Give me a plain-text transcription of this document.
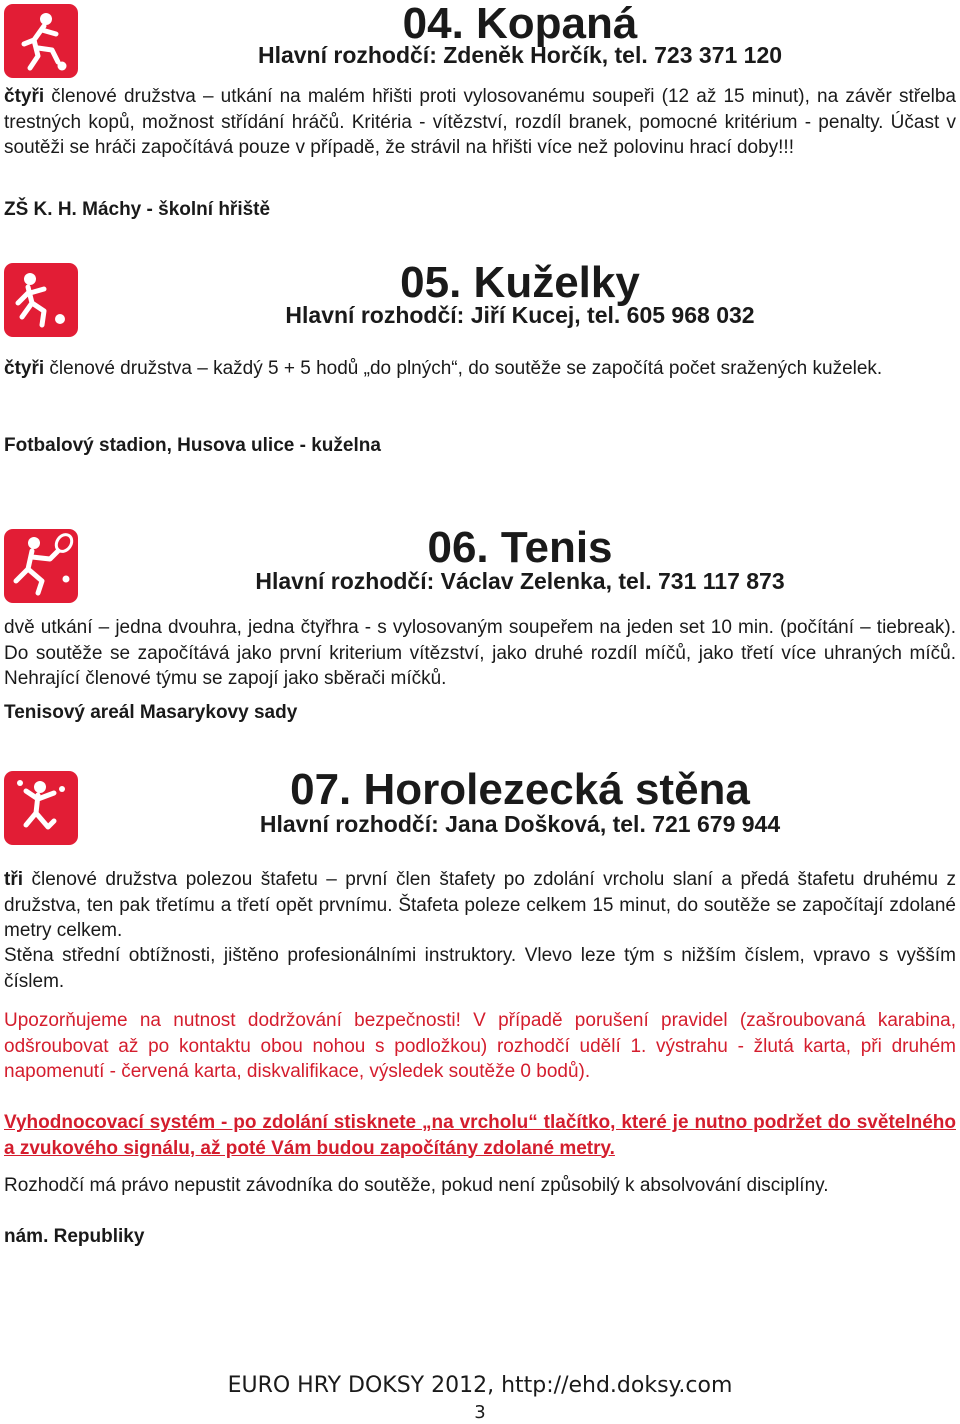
04. Kopaná
Hlavní rozhodčí: Zdeněk Horčík, tel. 723 371 120

čtyři členové družstva – utkání na malém hřišti proti vylosovanému soupeři (12 až 15 minut), na závěr střelba trestných kopů, možnost střídání hráčů. Kritéria - vítězství, rozdíl branek, pomocné kritérium - penalty. Účast v soutěži se hráči započítává pouze v případě, že strávil na hřišti více než polovinu hrací doby!!!

ZŠ K. H. Máchy - školní hřiště

05. Kuželky
Hlavní rozhodčí: Jiří Kucej, tel. 605 968 032

čtyři členové družstva – každý 5 + 5 hodů „do plných“, do soutěže se započítá počet sražených kuželek.

Fotbalový stadion, Husova ulice - kuželna

06. Tenis
Hlavní rozhodčí: Václav Zelenka, tel. 731 117 873

dvě utkání – jedna dvouhra, jedna čtyřhra - s vylosovaným soupeřem na jeden set 10 min. (počítání – tiebreak). Do soutěže se započítává jako první kriterium vítězství, jako druhé rozdíl míčů, jako třetí více uhraných míčů. Nehrající členové týmu se zapojí jako sběrači míčků.

Tenisový areál Masarykovy sady

07. Horolezecká stěna
Hlavní rozhodčí: Jana Došková, tel. 721 679 944

tři členové družstva polezou štafetu – první člen štafety po zdolání vrcholu slaní a předá štafetu druhému z družstva, ten pak třetímu a třetí opět prvnímu. Štafeta poleze celkem 15 minut, do soutěže se započítají zdolané metry celkem.

Stěna střední obtížnosti, jištěno profesionálními instruktory. Vlevo leze tým s nižším číslem, vpravo s vyšším číslem.

Upozorňujeme na nutnost dodržování bezpečnosti! V případě porušení pravidel (zašroubovaná karabina, odšroubovat až po kontaktu obou nohou s podložkou) rozhodčí udělí 1. výstrahu - žlutá karta, při druhém napomenutí - červená karta, diskvalifikace, výsledek soutěže 0 bodů).

Vyhodnocovací systém - po zdolání stisknete „na vrcholu“ tlačítko, které je nutno podržet do světelného a zvukového signálu, až poté Vám budou započítány zdolané metry.

Rozhodčí má právo nepustit závodníka do soutěže, pokud není způsobilý k absolvování disciplíny.

nám. Republiky

EURO HRY DOKSY 2012, http://ehd.doksy.com
3
